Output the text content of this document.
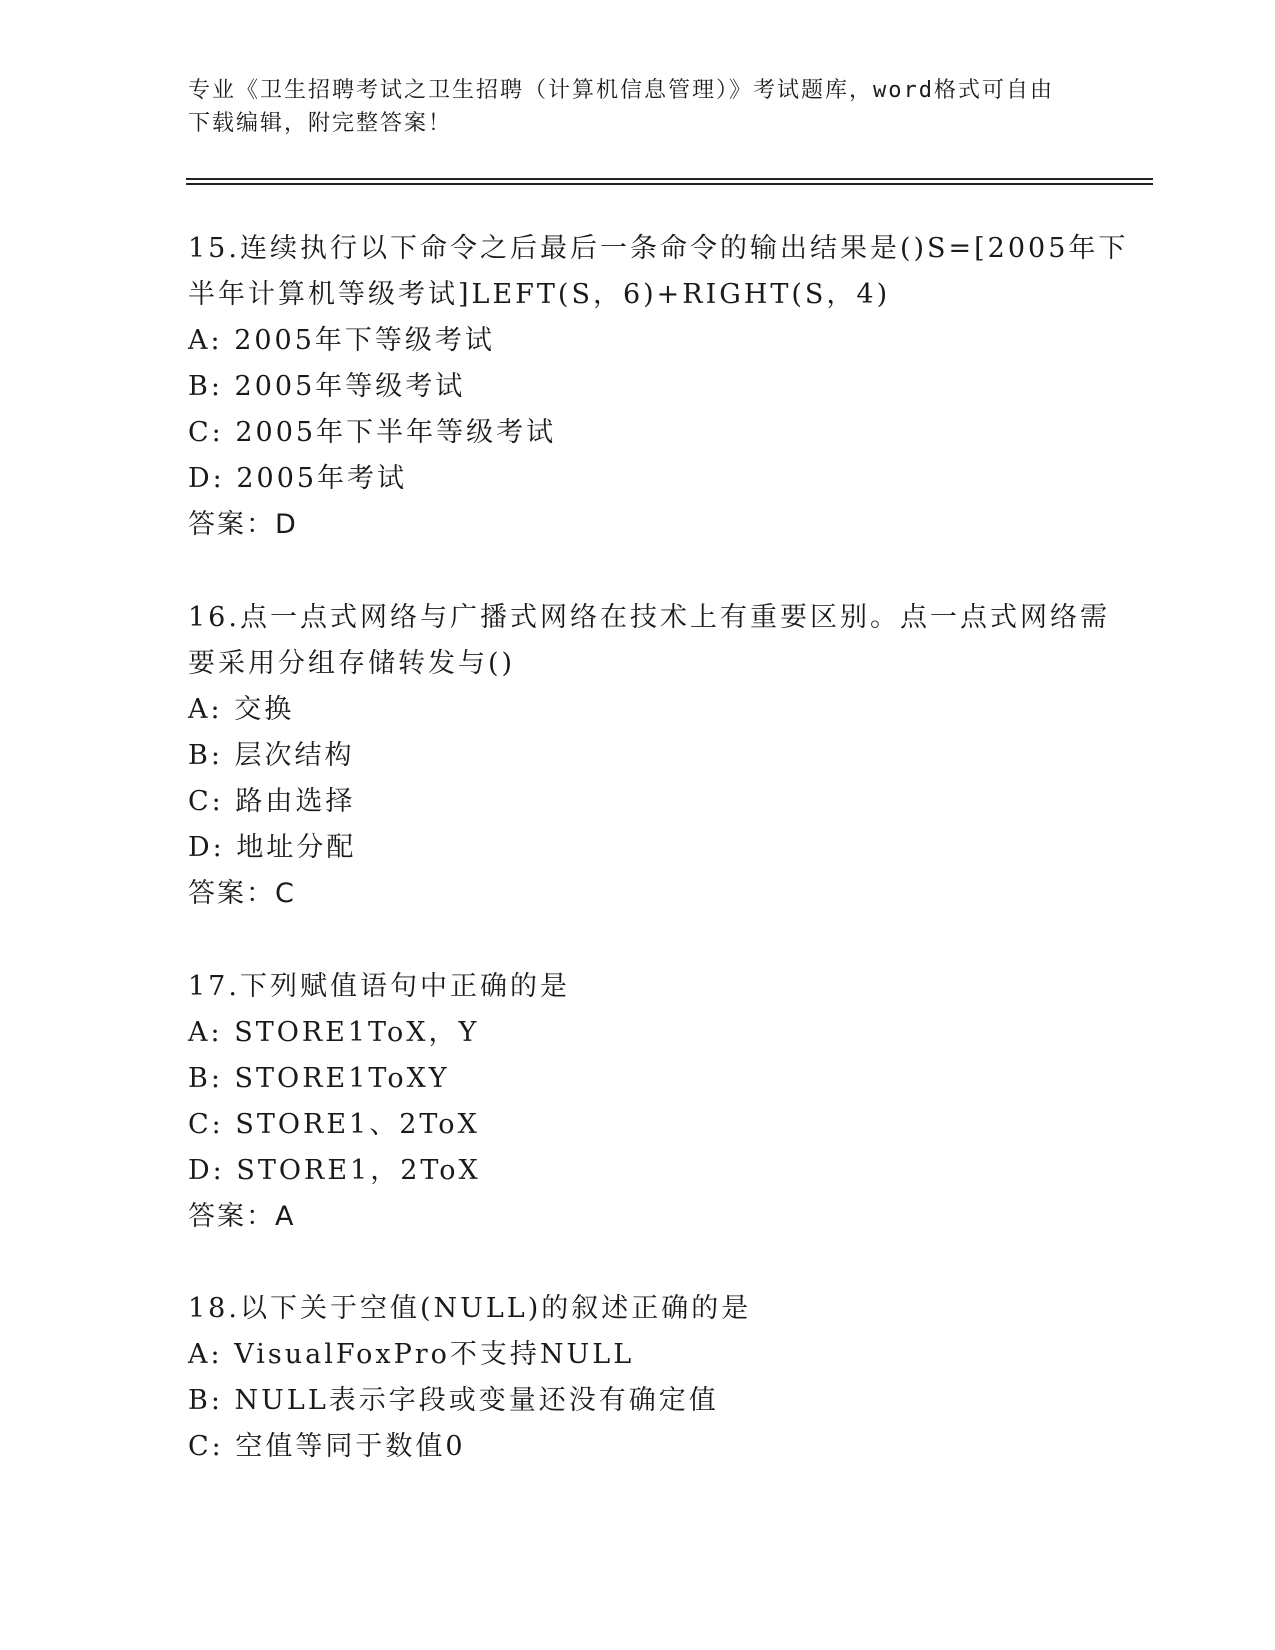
专业《卫生招聘考试之卫生招聘（计算机信息管理）》考试题库，word格式可自由下载编辑，附完整答案！
15.连续执行以下命令之后最后一条命令的输出结果是()S=[2005年下
半年计算机等级考试]LEFT(S，6)+RIGHT(S，4)
A: 2005年下等级考试
B: 2005年等级考试
C: 2005年下半年等级考试
D: 2005年考试
答案：D
16.点一点式网络与广播式网络在技术上有重要区别。点一点式网络需
要采用分组存储转发与()
A: 交换
B: 层次结构
C: 路由选择
D: 地址分配
答案：C
17.下列赋值语句中正确的是
A: STORE1ToX，Y
B: STORE1ToXY
C: STORE1、2ToX
D: STORE1，2ToX
答案：A
18.以下关于空值(NULL)的叙述正确的是
A: VisualFoxPro不支持NULL
B: NULL表示字段或变量还没有确定值
C: 空值等同于数值0
